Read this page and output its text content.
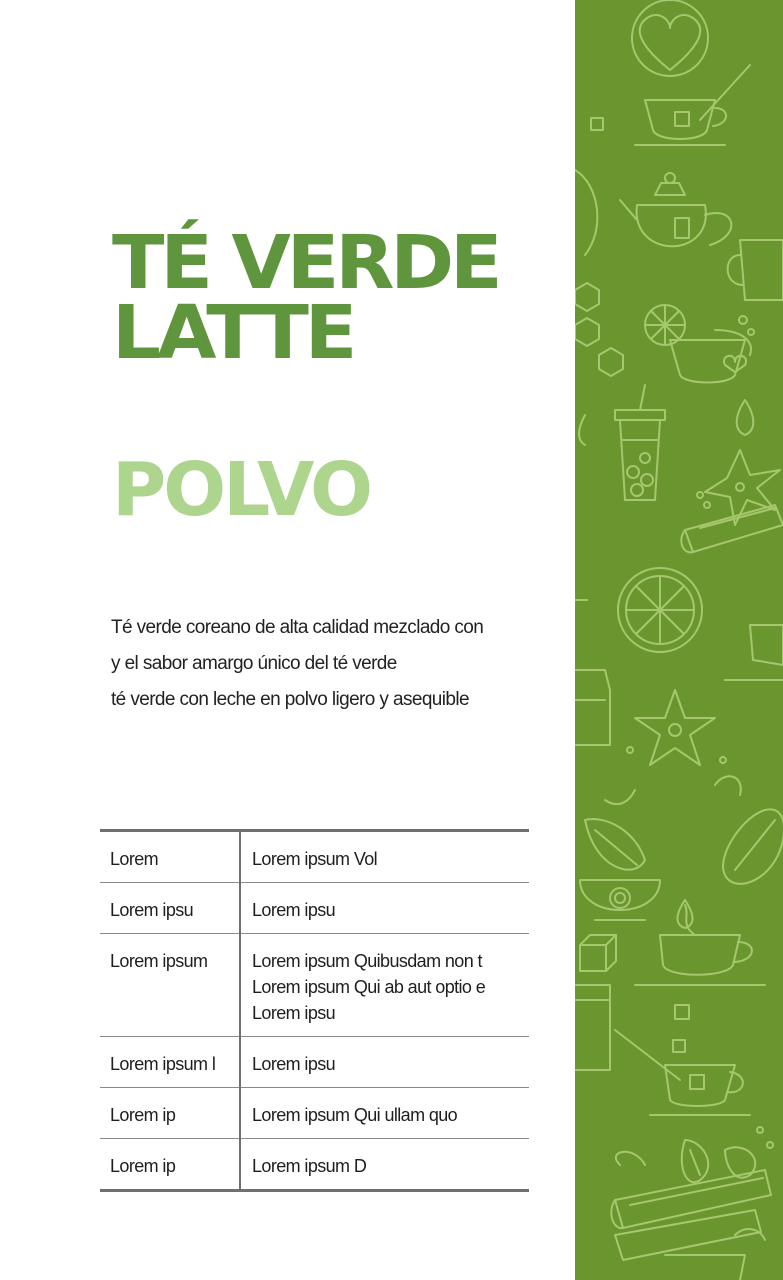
TÉ VERDE
LATTE
POLVO
Té verde coreano de alta calidad mezclado con
y el sabor amargo único del té verde
té verde con leche en polvo ligero y asequible
Lorem	Lorem ipsum Vol

Lorem ipsu	Lorem ipsu

Lorem ipsum	Lorem ipsum Quibusdam non t
Lorem ipsum Qui ab aut optio e
Lorem ipsu

Lorem ipsum l	Lorem ipsu

Lorem ip	Lorem ipsum Qui ullam quo

Lorem ip	Lorem ipsum D
